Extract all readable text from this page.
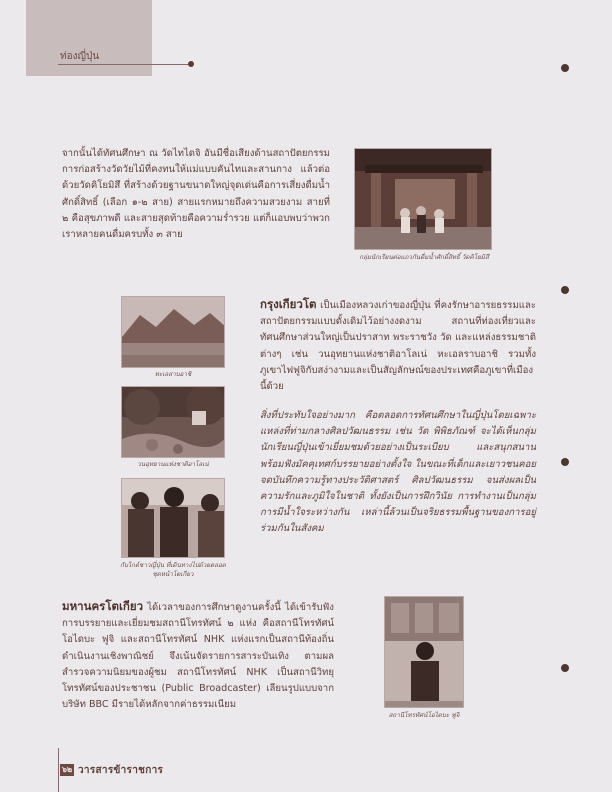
ท่องญี่ปุ่น
จากนั้นได้ทัศนศึกษา ณ วัดไทไดจิ อันมีชื่อเสียงด้านสถาปัตยกรรมการก่อสร้างวัดวัยไม้ที่คงทนให้แม่แบบคันไทและสานกาง แล้วต่อด้วยวัดคิโยมิสึ ที่สร้างด้วยฐานขนาดใหญ่จุดเด่นคือการเสี่ยงดื่มน้ำศักดิ์สิทธิ์ (เลือก ๑-๒ สาย) สายแรกหมายถึงความสวยงาม สายที่ ๒ คือสุขภาพดี และสายสุดท้ายคือความร่ำรวย แต่ก็แอบพบว่าพวกเราหลายคนดื่มครบทั้ง ๓ สาย
กลุ่มนักเรียนต่อแถวกันดื่มน้ำศักดิ์สิทธิ์ วัดคิโยมิสึ
ทะเลสาบอาชิ
กรุงเกียวโต เป็นเมืองหลวงเก่าของญี่ปุ่น ที่คงรักษาอารยธรรมและสถาปัตยกรรมแบบดั้งเดิมไว้อย่างงดงาม สถานที่ท่องเที่ยวและทัศนศึกษาส่วนใหญ่เป็นปราสาท พระราชวัง วัด และแหล่งธรรมชาติต่างๆ เช่น วนอุทยานแห่งชาติอาโลเน่ หะเอลราบอาชิ รวมทั้งภูเขาไฟฟูจิกับสง่างามและเป็นสัญลักษณ์ของประเทศคือภูเขาที่เมืองนี้ด้วย
วนอุทยานแห่งชาติอาโลเน่
สิ่งที่ประทับใจอย่างมาก คือตลอดการทัศนศึกษาในญี่ปุ่นโดยเฉพาะแหล่งที่ท่ามกลางศิลปวัฒนธรรม เช่น วัด พิพิธภัณฑ์ จะได้เห็นกลุ่มนักเรียนญี่ปุ่นเข้าเยี่ยมชมด้วยอย่างเป็นระเบียบ และสนุกสนาน พร้อมฟังมัคคุเทศก์บรรยายอย่างตั้งใจ ในขณะที่เด็กและเยาวชนคอยจดบันทึกความรู้ทางประวัติศาสตร์ ศิลปวัฒนธรรม จนส่งผลเป็นความรักและภูมิใจในชาติ ทั้งยังเป็นการฝึกวินัย การทำงานเป็นกลุ่ม การมีน้ำใจระหว่างกัน เหล่านี้ล้วนเป็นจริยธรรมพื้นฐานของการอยู่ร่วมกันในสังคม
กับไกด์ชาวญี่ปุ่น ที่เดินทางไปด้วยตลอด ชุดหน้าโตเกียว
มหานครโตเกียว ได้เวลาของการศึกษาดูงานครั้งนี้ ได้เข้ารับฟังการบรรยายและเยี่ยมชมสถานีโทรทัศน์ ๒ แห่ง คือสถานีโทรทัศน์โอไดบะ ฟูจิ และสถานีโทรทัศน์ NHK แห่งแรกเป็นสถานีท้องถิ่น ดำเนินงานเชิงพาณิชย์ จึงเน้นจัดรายการสาระบันเทิง ตามผลสำรวจความนิยมของผู้ชม สถานีโทรทัศน์ NHK เป็นสถานีวิทยุโทรทัศน์ของประชาชน (Public Broadcaster) เลียนรูปแบบจากบริษัท BBC มีรายได้หลักจากค่าธรรมเนียม
สถานีโทรทัศน์โอไดบะ ฟูจิ
๖๒ วารสารข้าราชการ
